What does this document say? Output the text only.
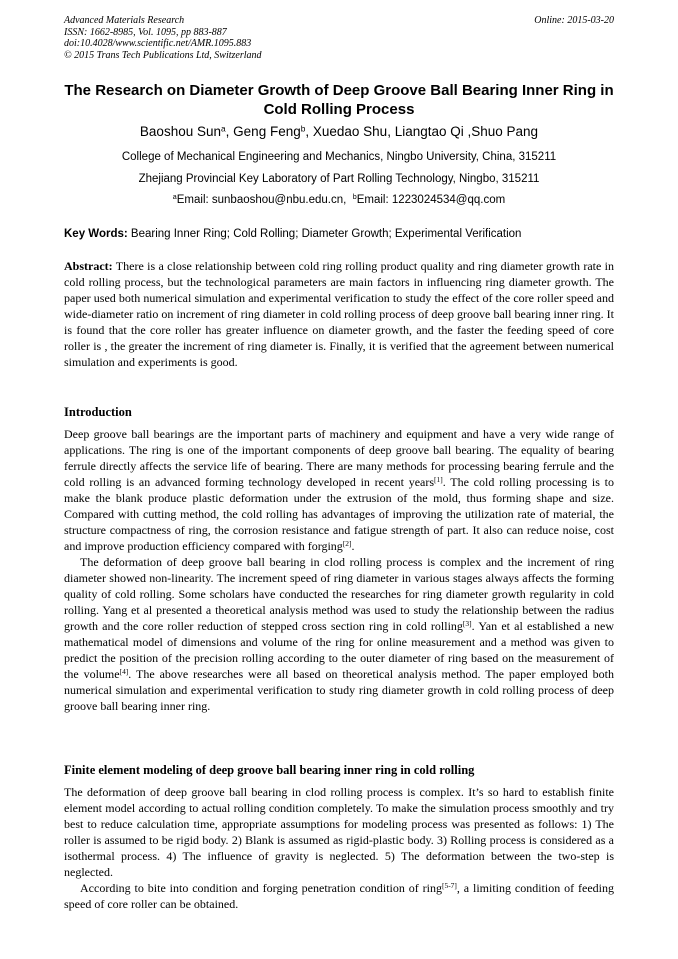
Advanced Materials Research
ISSN: 1662-8985, Vol. 1095, pp 883-887
doi:10.4028/www.scientific.net/AMR.1095.883
© 2015 Trans Tech Publications Ltd, Switzerland
Online: 2015-03-20
The Research on Diameter Growth of Deep Groove Ball Bearing Inner Ring in Cold Rolling Process
Baoshou Sun$^a$, Geng Feng$^b$, Xuedao Shu, Liangtao Qi ,Shuo Pang
College of Mechanical Engineering and Mechanics, Ningbo University, China, 315211
Zhejiang Provincial Key Laboratory of Part Rolling Technology, Ningbo, 315211
$^a$Email: sunbaoshou@nbu.edu.cn, $^b$Email: 1223024534@qq.com
Key Words: Bearing Inner Ring; Cold Rolling; Diameter Growth; Experimental Verification

Abstract: There is a close relationship between cold ring rolling product quality and ring diameter growth rate in cold rolling process, but the technological parameters are main factors in influencing ring diameter growth. The paper used both numerical simulation and experimental verification to study the effect of the core roller speed and wide-diameter ratio on increment of ring diameter in cold rolling process of deep groove ball bearing inner ring. It is found that the core roller has greater influence on diameter growth, and the faster the feeding speed of core roller is , the greater the increment of ring diameter is. Finally, it is verified that the agreement between numerical simulation and experiments is good.

Introduction

Deep groove ball bearings are the important parts of machinery and equipment and have a very wide range of applications. The ring is one of the important components of deep groove ball bearing. The equality of bearing ferrule directly affects the service life of bearing. There are many methods for processing bearing ferrule and the cold rolling is an advanced forming technology developed in recent years[1]. The cold rolling processing is to make the blank produce plastic deformation under the extrusion of the mold, thus forming shape and size. Compared with cutting method, the cold rolling has advantages of improving the utilization rate of material, the structure compactness of ring, the corrosion resistance and fatigue strength of part. It also can reduce noise, cost and improve production efficiency compared with forging[2].

The deformation of deep groove ball bearing in clod rolling process is complex and the increment of ring diameter showed non-linearity. The increment speed of ring diameter in various stages always affects the forming quality of cold rolling. Some scholars have conducted the researches for ring diameter growth regularity in cold rolling. Yang et al presented a theoretical analysis method was used to study the relationship between the radius growth and the core roller reduction of stepped cross section ring in cold rolling[3]. Yan et al established a new mathematical model of dimensions and volume of the ring for online measurement and a method was given to predict the position of the precision rolling according to the outer diameter of ring based on the measurement of the volume[4]. The above researches were all based on theoretical analysis method. The paper employed both numerical simulation and experimental verification to study ring diameter growth in cold rolling process of deep groove ball bearing inner ring.

Finite element modeling of deep groove ball bearing inner ring in cold rolling

The deformation of deep groove ball bearing in clod rolling process is complex. It’s so hard to establish finite element model according to actual rolling condition completely. To make the simulation process smoothly and try best to reduce calculation time, appropriate assumptions for modeling process was presented as follows: 1) The roller is assumed to be rigid body. 2) Blank is assumed as rigid-plastic body. 3) Rolling process is considered as a isothermal process. 4) The influence of gravity is neglected. 5) The deformation between the two-step is neglected.

According to bite into condition and forging penetration condition of ring[5-7], a limiting condition of feeding speed of core roller can be obtained.
